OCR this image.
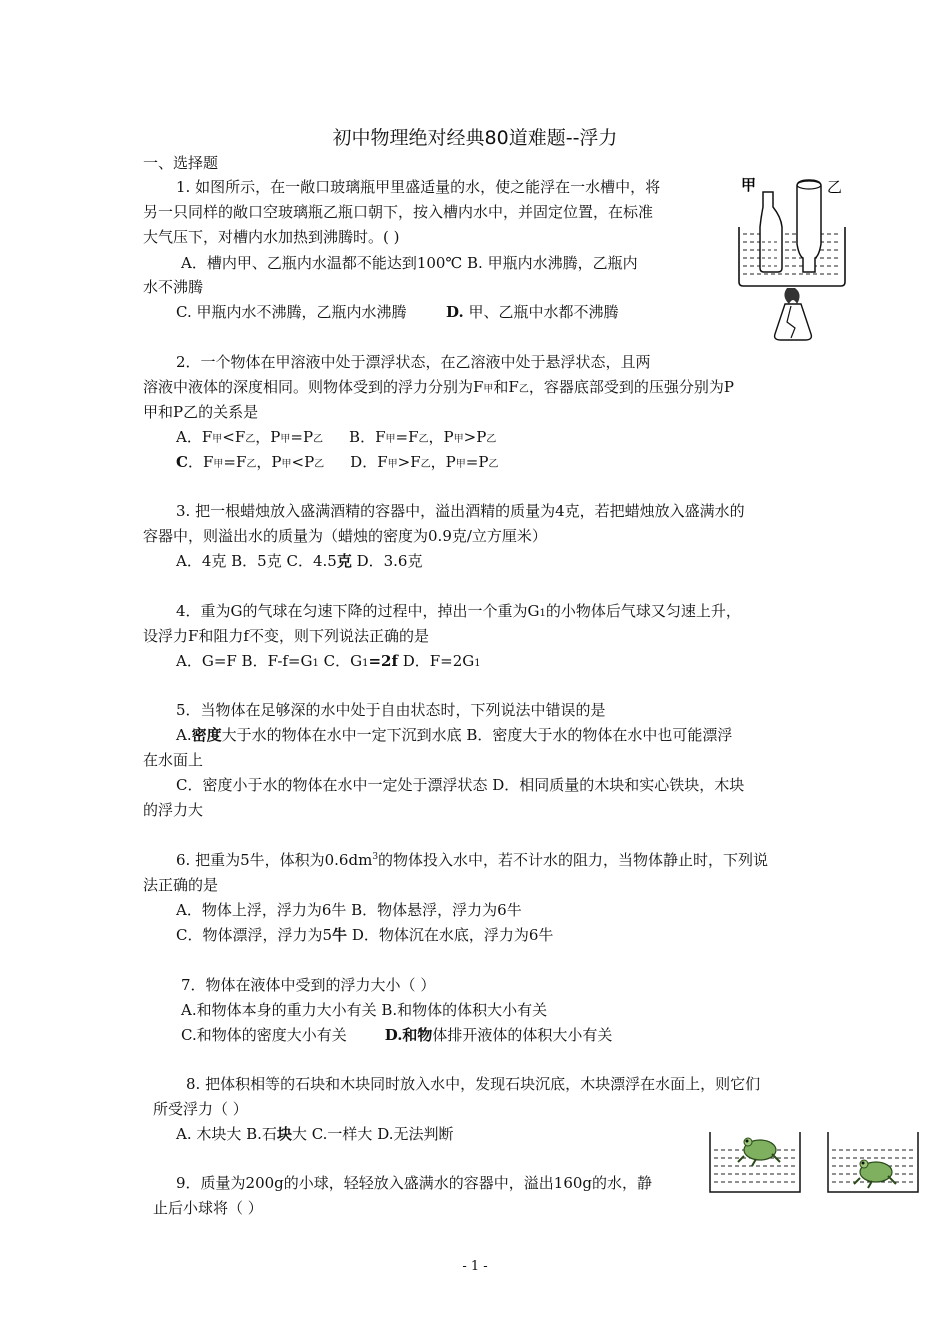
初中物理绝对经典80道难题--浮力
一、选择题
1. 如图所示，在一敞口玻璃瓶甲里盛适量的水，使之能浮在一水槽中，将
另一只同样的敞口空玻璃瓶乙瓶口朝下，按入槽内水中，并固定位置，在标准
大气压下，对槽内水加热到沸腾时。( )
A．槽内甲、乙瓶内水温都不能达到100℃ B. 甲瓶内水沸腾，乙瓶内
水不沸腾
C. 甲瓶内水不沸腾，乙瓶内水沸腾	D. 甲、乙瓶中水都不沸腾
甲	乙
2．一个物体在甲溶液中处于漂浮状态，在乙溶液中处于悬浮状态，且两
溶液中液体的深度相同。则物体受到的浮力分别为F甲和F乙，容器底部受到的压强分别为P
甲和P乙的关系是
A．F甲<F乙，P甲=P乙 B．F甲=F乙，P甲>P乙
C．F甲=F乙，P甲<P乙 D．F甲>F乙，P甲=P乙
3. 把一根蜡烛放入盛满酒精的容器中，溢出酒精的质量为4克，若把蜡烛放入盛满水的
容器中，则溢出水的质量为（蜡烛的密度为0.9克/立方厘米）
A．4克 B．5克 C．4.5克 D．3.6克
4．重为G的气球在匀速下降的过程中，掉出一个重为G1的小物体后气球又匀速上升，
设浮力F和阻力f不变，则下列说法正确的是
A．G=F B．F-f=G1 C．G1=2f D．F=2G1
5．当物体在足够深的水中处于自由状态时，下列说法中错误的是
A.密度大于水的物体在水中一定下沉到水底 B．密度大于水的物体在水中也可能漂浮
在水面上
C．密度小于水的物体在水中一定处于漂浮状态 D．相同质量的木块和实心铁块，木块
的浮力大
6. 把重为5牛，体积为$0.6dm^3$的物体投入水中，若不计水的阻力，当物体静止时，下列说
法正确的是
A．物体上浮，浮力为6牛 B．物体悬浮，浮力为6牛
C．物体漂浮，浮力为5牛 D．物体沉在水底，浮力为6牛
7．物体在液体中受到的浮力大小（ ）
A.和物体本身的重力大小有关 B.和物体的体积大小有关
C.和物体的密度大小有关	D.和物体排开液体的体积大小有关
8. 把体积相等的石块和木块同时放入水中，发现石块沉底，木块漂浮在水面上，则它们
所受浮力（ ）
A. 木块大 B.石块大 C.一样大 D.无法判断
9．质量为200g的小球，轻轻放入盛满水的容器中，溢出160g的水，静
止后小球将（ ）
- 1 -
